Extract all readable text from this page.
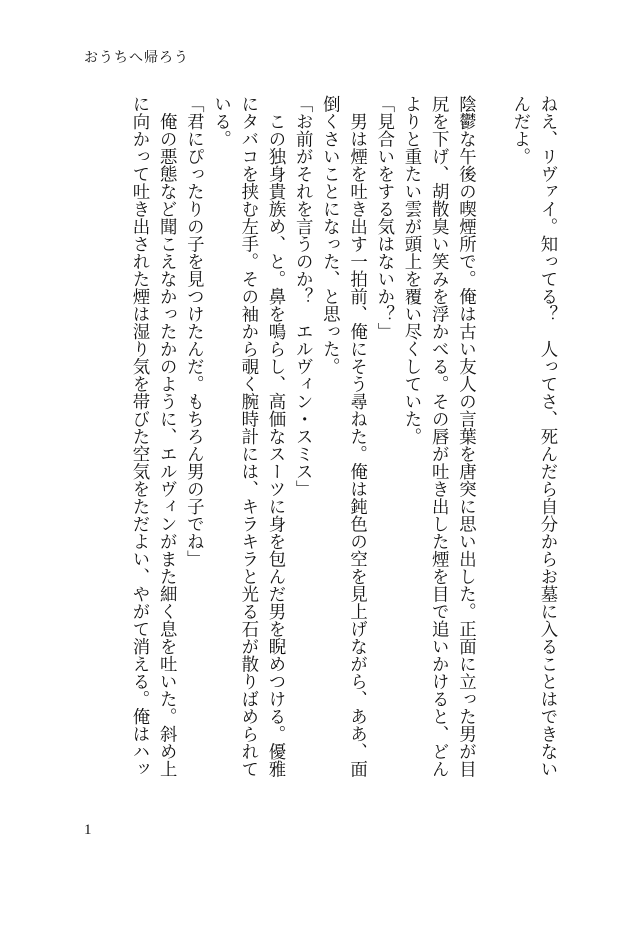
おうちへ帰ろう

ねえ、リヴァイ。知ってる？　人ってさ、死んだら自分からお墓に入ることはできないんだよ。

陰鬱な午後の喫煙所で。俺は古い友人の言葉を唐突に思い出した。正面に立った男が目尻を下げ、胡散臭い笑みを浮かべる。その唇が吐き出した煙を目で追いかけると、どんよりと重たい雲が頭上を覆い尽くしていた。

「見合いをする気はないか？」

　男は煙を吐き出す一拍前、俺にそう尋ねた。俺は鈍色の空を見上げながら、ああ、面倒くさいことになった、と思った。

「お前がそれを言うのか？　エルヴィン・スミス」

　この独身貴族め、と。鼻を鳴らし、高価なスーツに身を包んだ男を睨めつける。優雅にタバコを挟む左手。その袖から覗く腕時計には、キラキラと光る石が散りばめられている。

「君にぴったりの子を見つけたんだ。もちろん男の子でね」

　俺の悪態など聞こえなかったかのように、エルヴィンがまた細く息を吐いた。斜め上に向かって吐き出された煙は湿り気を帯びた空気をただよい、やがて消える。俺はハッ

1
